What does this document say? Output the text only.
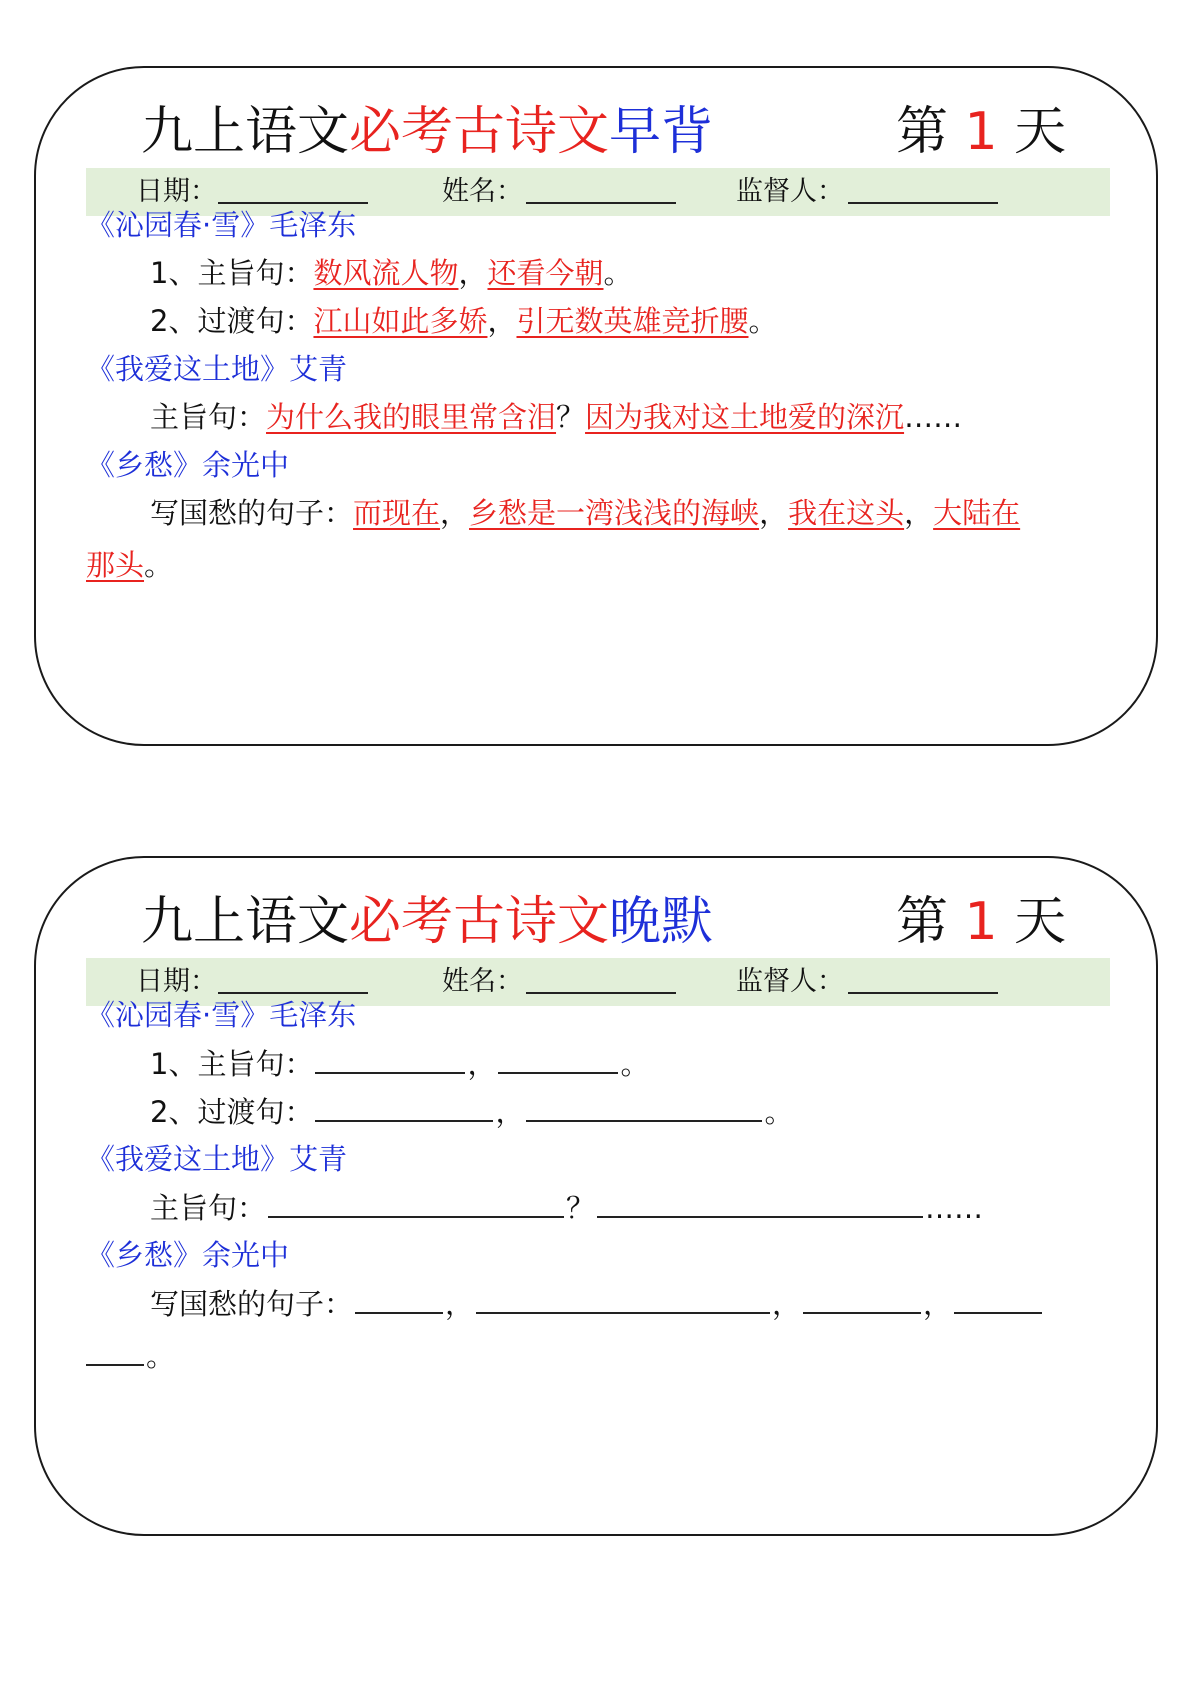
九上语文必考古诗文早背	第 1 天
日期：	姓名：	监督人：
《沁园春·雪》毛泽东
1、主旨句：数风流人物，还看今朝。
2、过渡句：江山如此多娇，引无数英雄竞折腰。
《我爱这土地》艾青
主旨句：为什么我的眼里常含泪？因为我对这土地爱的深沉……
《乡愁》余光中
写国愁的句子：而现在，乡愁是一湾浅浅的海峡，我在这头，大陆在
那头。
九上语文必考古诗文晚默	第 1 天
日期：	姓名：	监督人：
《沁园春·雪》毛泽东
1、主旨句：	，	。
2、过渡句：	，	。
《我爱这土地》艾青
主旨句：	？	……
《乡愁》余光中
写国愁的句子：	，	，	，
。
